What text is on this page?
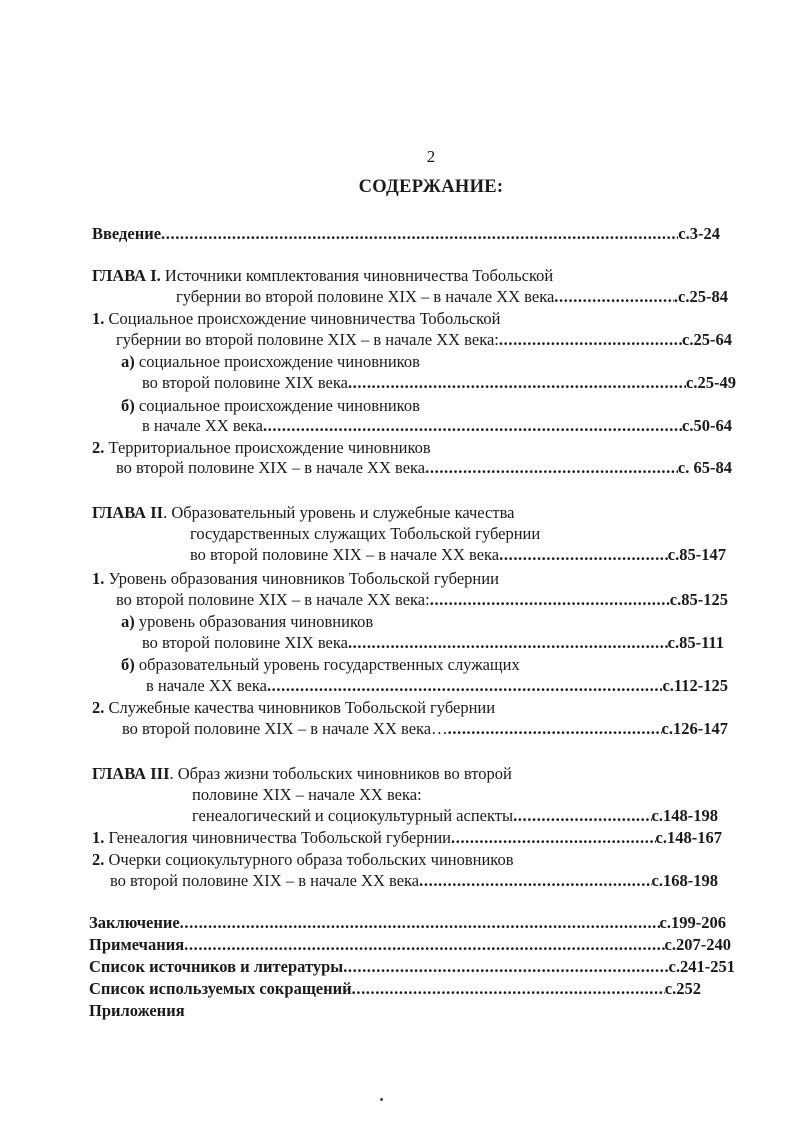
2
СОДЕРЖАНИЕ:
Введение .....	с.3-24
ГЛАВА I. Источники комплектования чиновничества Тобольской
губернии во второй половине XIX – в начале XX века .....	.с.25-84
1. Социальное происхождение чиновничества Тобольской
губернии во второй половине XIX – в начале XX века: .....	с.25-64
а) социальное происхождение чиновников
во второй половине XIX века .....	с.25-49
б) социальное происхождение чиновников
в начале XX века .....	с.50-64
2. Территориальное происхождение чиновников
во второй половине XIX – в начале XX века .....	с. 65-84
ГЛАВА II. Образовательный уровень и служебные качества
государственных служащих Тобольской губернии
во второй половине XIX – в начале XX века .....	с.85-147
1. Уровень образования чиновников Тобольской губернии
во второй половине XIX – в начале XX века: .....	с.85-125
а) уровень образования чиновников
во второй половине XIX века .....	с.85-111
б) образовательный уровень государственных служащих
в начале XX века .....	с.112-125
2. Служебные качества чиновников Тобольской губернии
во второй половине XIX – в начале XX века… .....	с.126-147
ГЛАВА III. Образ жизни тобольских чиновников во второй
половине XIX – начале XX века:
генеалогический и социокультурный аспекты .....	с.148-198
1. Генеалогия чиновничества Тобольской губернии .....	с.148-167
2. Очерки социокультурного образа тобольских чиновников
во второй половине XIX – в начале XX века .....	с.168-198
Заключение .....	с.199-206
Примечания .....	с.207-240
Список источников и литературы .....	с.241-251
Список используемых сокращений .....	с.252
Приложения
